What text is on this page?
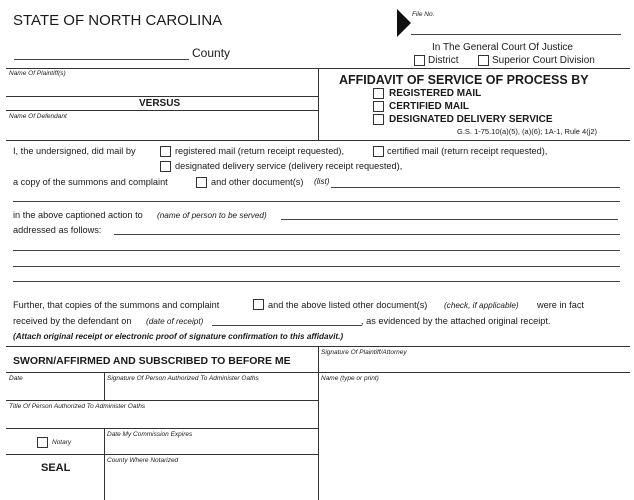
STATE OF NORTH CAROLINA
County
File No.
In The General Court Of Justice
District	Superior Court Division
Name Of Plaintiff(s)
VERSUS
Name Of Defendant
AFFIDAVIT OF SERVICE OF PROCESS BY
REGISTERED MAIL
CERTIFIED MAIL
DESIGNATED DELIVERY SERVICE
G.S. 1-75.10(a)(5), (a)(6); 1A-1, Rule 4(j2)
I, the undersigned, did mail by	registered mail (return receipt requested),	certified mail (return receipt requested),
designated delivery service (delivery receipt requested),
a copy of the summons and complaint	and other document(s) (list)
in the above captioned action to (name of person to be served)
addressed as follows:
Further, that copies of the summons and complaint	and the above listed other document(s) (check, if applicable) were in fact
received by the defendant on (date of receipt)	, as evidenced by the attached original receipt.
(Attach original receipt or electronic proof of signature confirmation to this affidavit.)
SWORN/AFFIRMED AND SUBSCRIBED TO BEFORE ME
Signature Of Plaintiff/Attorney
Date	Signature Of Person Authorized To Administer Oaths	Name (type or print)
Title Of Person Authorized To Administer Oaths
Notary
Date My Commission Expires
SEAL
County Where Notarized
